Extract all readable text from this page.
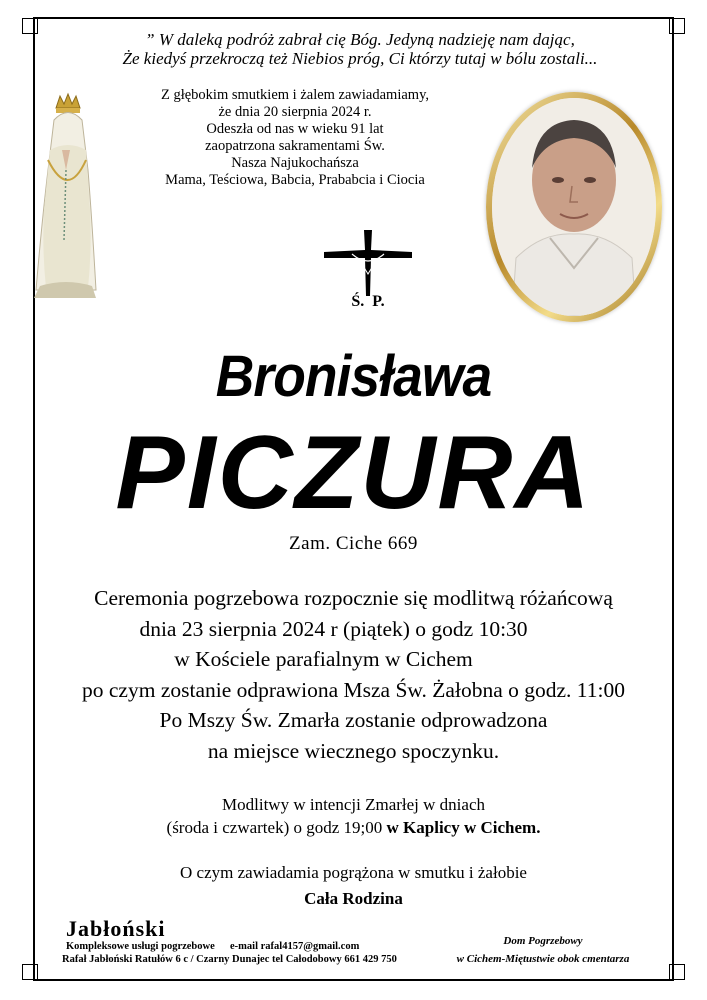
” W daleką podróż zabrał cię Bóg. Jedyną nadzieję nam dając,
Że kiedyś przekroczą też Niebios próg, Ci którzy tutaj w bólu zostali...
Z głębokim smutkiem i żalem zawiadamiamy,
że dnia 20 sierpnia 2024 r.
Odeszła od nas w wieku 91 lat
zaopatrzona sakramentami Św.
Nasza Najukochańsza
Mama, Teściowa, Babcia, Prababcia i Ciocia
Ś.  P.
Bronisława
PICZURA
Zam. Ciche 669
Ceremonia pogrzebowa rozpocznie się modlitwą różańcową
dnia 23 sierpnia 2024 r (piątek) o godz 10:30
w Kościele parafialnym w Cichem
po czym zostanie odprawiona Msza Św. Żałobna o godz. 11:00
Po Mszy Św. Zmarła zostanie odprowadzona
na miejsce wiecznego spoczynku.
Modlitwy w intencji Zmarłej w dniach
(środa i czwartek) o godz 19;00 w Kaplicy w Cichem.
O czym zawiadamia pogrążona w smutku i żałobie
Cała Rodzina
Jabłoński
Kompleksowe usługi pogrzebowe e-mail rafal4157@gmail.com
Rafał Jabłoński Ratułów 6 c / Czarny Dunajec tel Całodobowy 661 429 750
Dom Pogrzebowy
w Cichem-Miętustwie obok cmentarza
